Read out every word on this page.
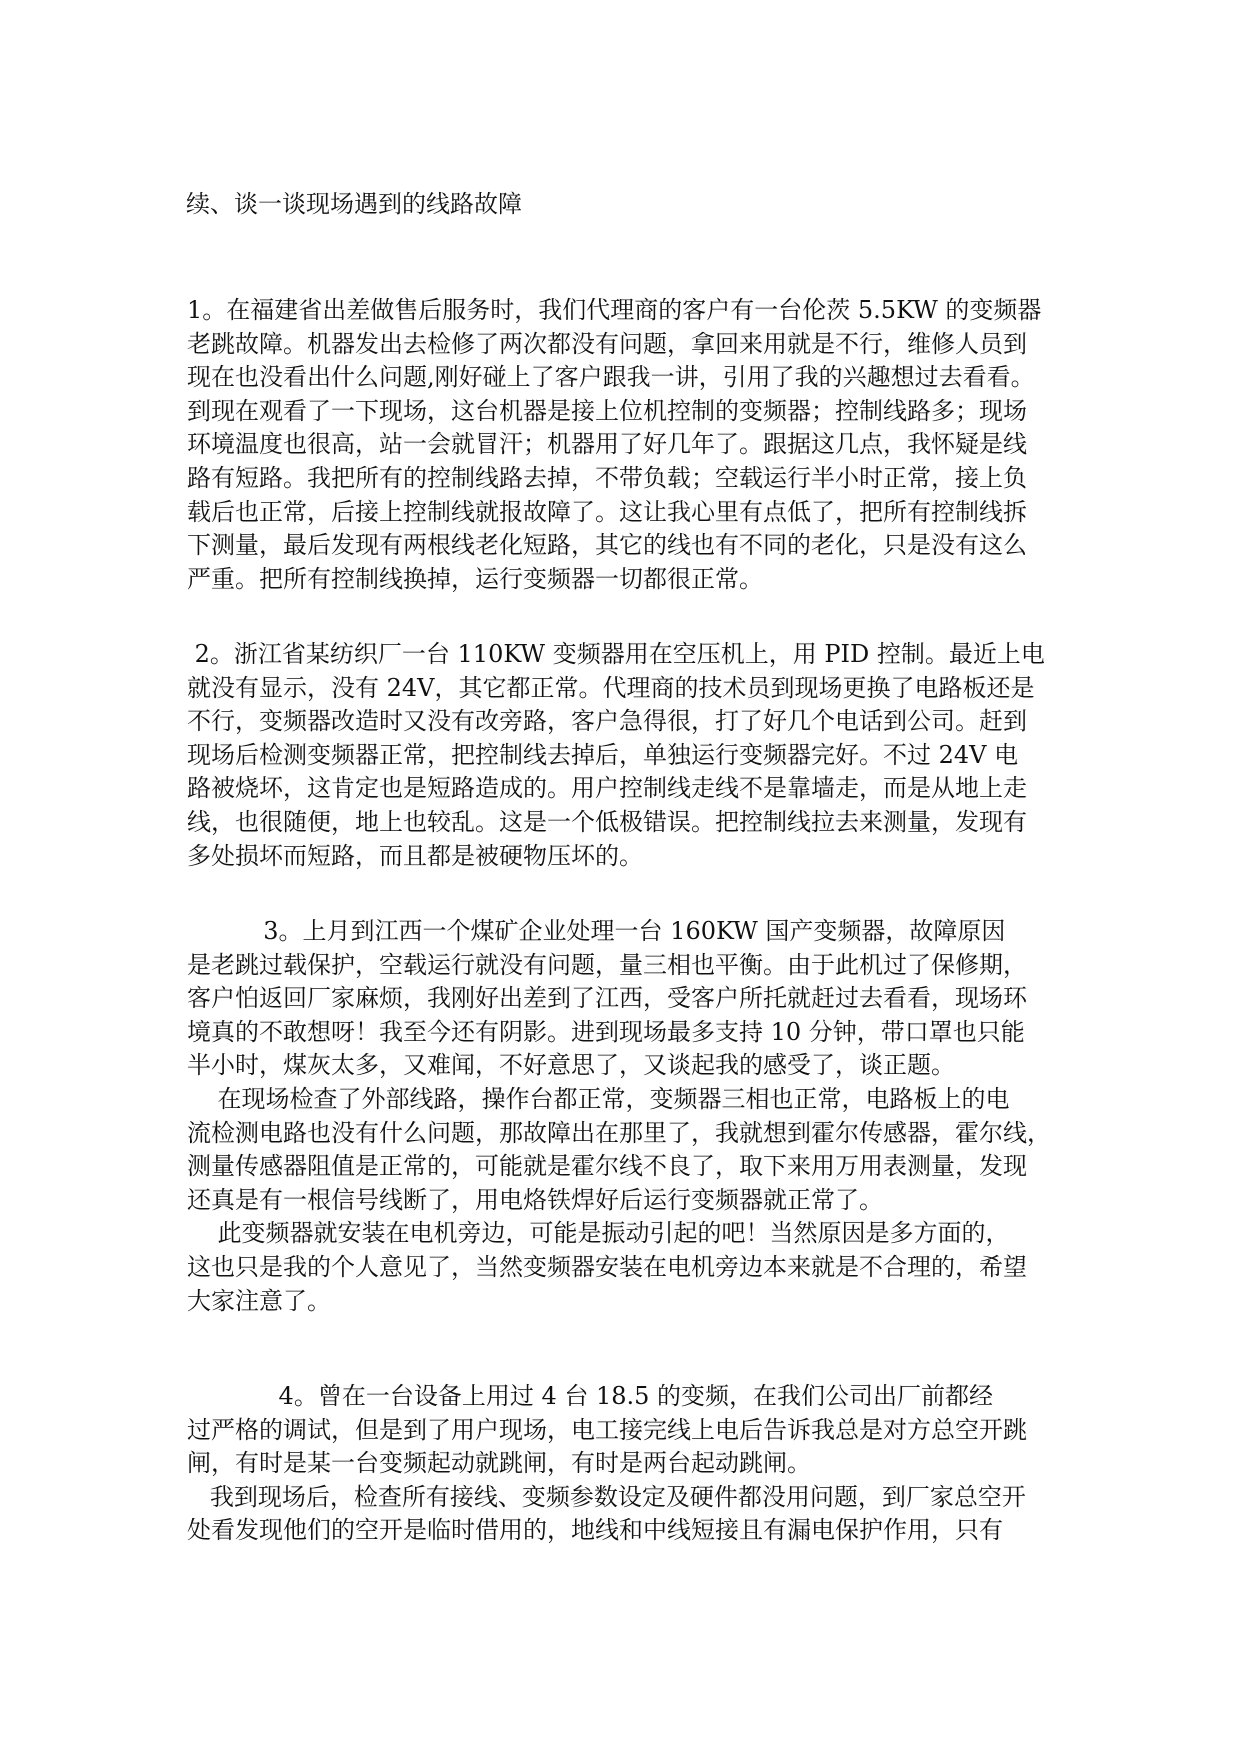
续、谈一谈现场遇到的线路故障
1。在福建省出差做售后服务时，我们代理商的客户有一台伦茨 5.5KW 的变频器
老跳故障。机器发出去检修了两次都没有问题，拿回来用就是不行，维修人员到
现在也没看出什么问题,刚好碰上了客户跟我一讲，引用了我的兴趣想过去看看。
到现在观看了一下现场，这台机器是接上位机控制的变频器；控制线路多；现场
环境温度也很高，站一会就冒汗；机器用了好几年了。跟据这几点，我怀疑是线
路有短路。我把所有的控制线路去掉，不带负载；空载运行半小时正常，接上负
载后也正常，后接上控制线就报故障了。这让我心里有点低了，把所有控制线拆
下测量，最后发现有两根线老化短路，其它的线也有不同的老化，只是没有这么
严重。把所有控制线换掉，运行变频器一切都很正常。
2。浙江省某纺织厂一台 110KW 变频器用在空压机上，用 PID 控制。最近上电
就没有显示，没有 24V，其它都正常。代理商的技术员到现场更换了电路板还是
不行，变频器改造时又没有改旁路，客户急得很，打了好几个电话到公司。赶到
现场后检测变频器正常，把控制线去掉后，单独运行变频器完好。不过 24V 电
路被烧坏，这肯定也是短路造成的。用户控制线走线不是靠墙走，而是从地上走
线，也很随便，地上也较乱。这是一个低极错误。把控制线拉去来测量，发现有
多处损坏而短路，而且都是被硬物压坏的。
3。上月到江西一个煤矿企业处理一台 160KW 国产变频器，故障原因
是老跳过载保护，空载运行就没有问题，量三相也平衡。由于此机过了保修期，
客户怕返回厂家麻烦，我刚好出差到了江西，受客户所托就赶过去看看，现场环
境真的不敢想呀！我至今还有阴影。进到现场最多支持 10 分钟，带口罩也只能
半小时，煤灰太多，又难闻，不好意思了，又谈起我的感受了，谈正题。
在现场检查了外部线路，操作台都正常，变频器三相也正常，电路板上的电
流检测电路也没有什么问题，那故障出在那里了，我就想到霍尔传感器，霍尔线，
测量传感器阻值是正常的，可能就是霍尔线不良了，取下来用万用表测量，发现
还真是有一根信号线断了，用电烙铁焊好后运行变频器就正常了。
此变频器就安装在电机旁边，可能是振动引起的吧！当然原因是多方面的，
这也只是我的个人意见了，当然变频器安装在电机旁边本来就是不合理的，希望
大家注意了。
4。曾在一台设备上用过 4 台 18.5 的变频，在我们公司出厂前都经
过严格的调试，但是到了用户现场，电工接完线上电后告诉我总是对方总空开跳
闸，有时是某一台变频起动就跳闸，有时是两台起动跳闸。
我到现场后，检查所有接线、变频参数设定及硬件都没用问题，到厂家总空开
处看发现他们的空开是临时借用的，地线和中线短接且有漏电保护作用，只有
